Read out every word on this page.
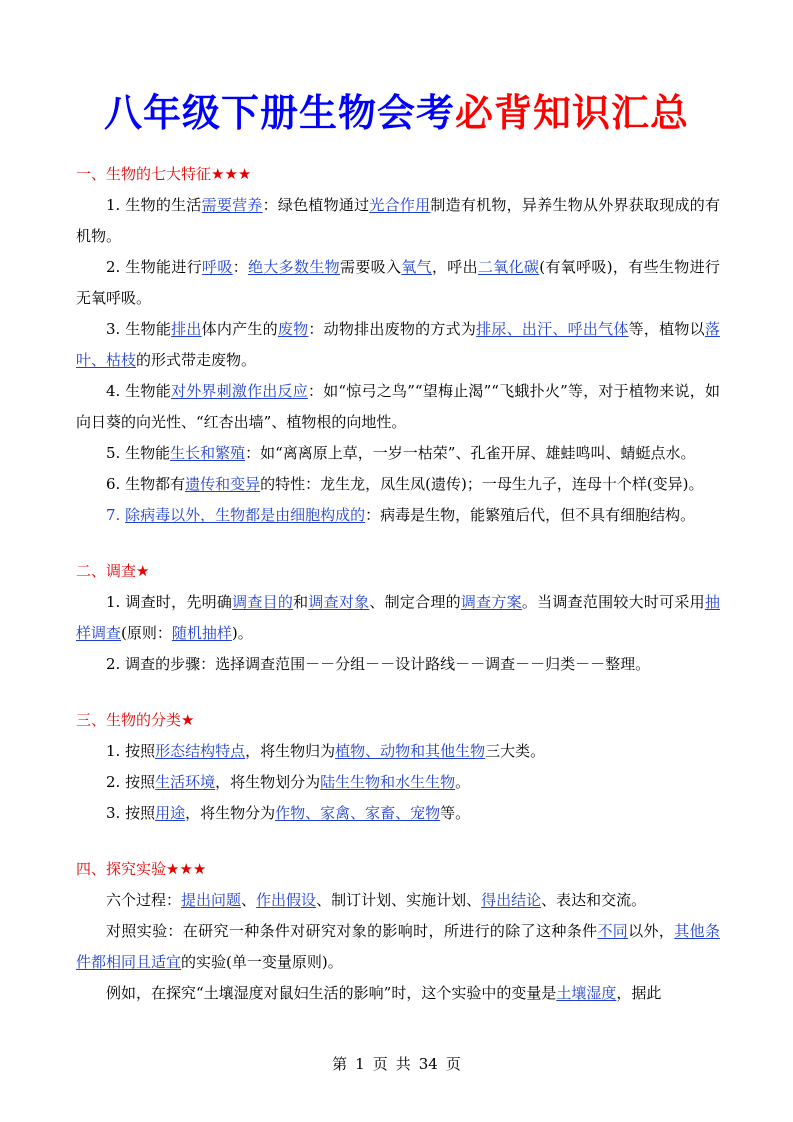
八年级下册生物会考必背知识汇总
一、生物的七大特征★★★

1. 生物的生活需要营养：绿色植物通过光合作用制造有机物，异养生物从外界获取现成的有机物。

2. 生物能进行呼吸：绝大多数生物需要吸入氧气，呼出二氧化碳(有氧呼吸)，有些生物进行无氧呼吸。

3. 生物能排出体内产生的废物：动物排出废物的方式为排尿、出汗、呼出气体等，植物以落叶、枯枝的形式带走废物。

4. 生物能对外界刺激作出反应：如“惊弓之鸟”“望梅止渴”“飞蛾扑火”等，对于植物来说，如向日葵的向光性、“红杏出墙”、植物根的向地性。

5. 生物能生长和繁殖：如“离离原上草，一岁一枯荣”、孔雀开屏、雄蛙鸣叫、蜻蜓点水。

6. 生物都有遗传和变异的特性：龙生龙，凤生凤(遗传)；一母生九子，连母十个样(变异)。

7. 除病毒以外，生物都是由细胞构成的：病毒是生物，能繁殖后代，但不具有细胞结构。

二、调查★

1. 调查时，先明确调查目的和调查对象、制定合理的调查方案。当调查范围较大时可采用抽样调查(原则：随机抽样)。

2. 调查的步骤：选择调查范围－－分组－－设计路线－－调查－－归类－－整理。

三、生物的分类★

1. 按照形态结构特点，将生物归为植物、动物和其他生物三大类。

2. 按照生活环境，将生物划分为陆生生物和水生生物。

3. 按照用途，将生物分为作物、家禽、家畜、宠物等。

四、探究实验★★★

六个过程：提出问题、作出假设、制订计划、实施计划、得出结论、表达和交流。

对照实验：在研究一种条件对研究对象的影响时，所进行的除了这种条件不同以外，其他条件都相同且适宜的实验(单一变量原则)。

例如，在探究“土壤湿度对鼠妇生活的影响”时，这个实验中的变量是土壤湿度，据此

第 1 页 共 34 页
